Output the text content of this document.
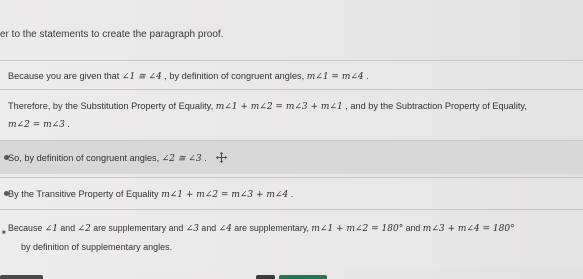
er to the statements to create the paragraph proof.
Because you are given that ∠1 ≅ ∠4 , by definition of congruent angles, m∠1 = m∠4 .
Therefore, by the Substitution Property of Equality, m∠1 + m∠2 = m∠3 + m∠1 , and by the Subtraction Property of Equality,
m∠2 = m∠3 .
So, by definition of congruent angles, ∠2 ≅ ∠3 .
By the Transitive Property of Equality m∠1 + m∠2 = m∠3 + m∠4 .
■ Because ∠1 and ∠2 are supplementary and ∠3 and ∠4 are supplementary, m∠1 + m∠2 = 180° and m∠3 + m∠4 = 180°
by definition of supplementary angles.
